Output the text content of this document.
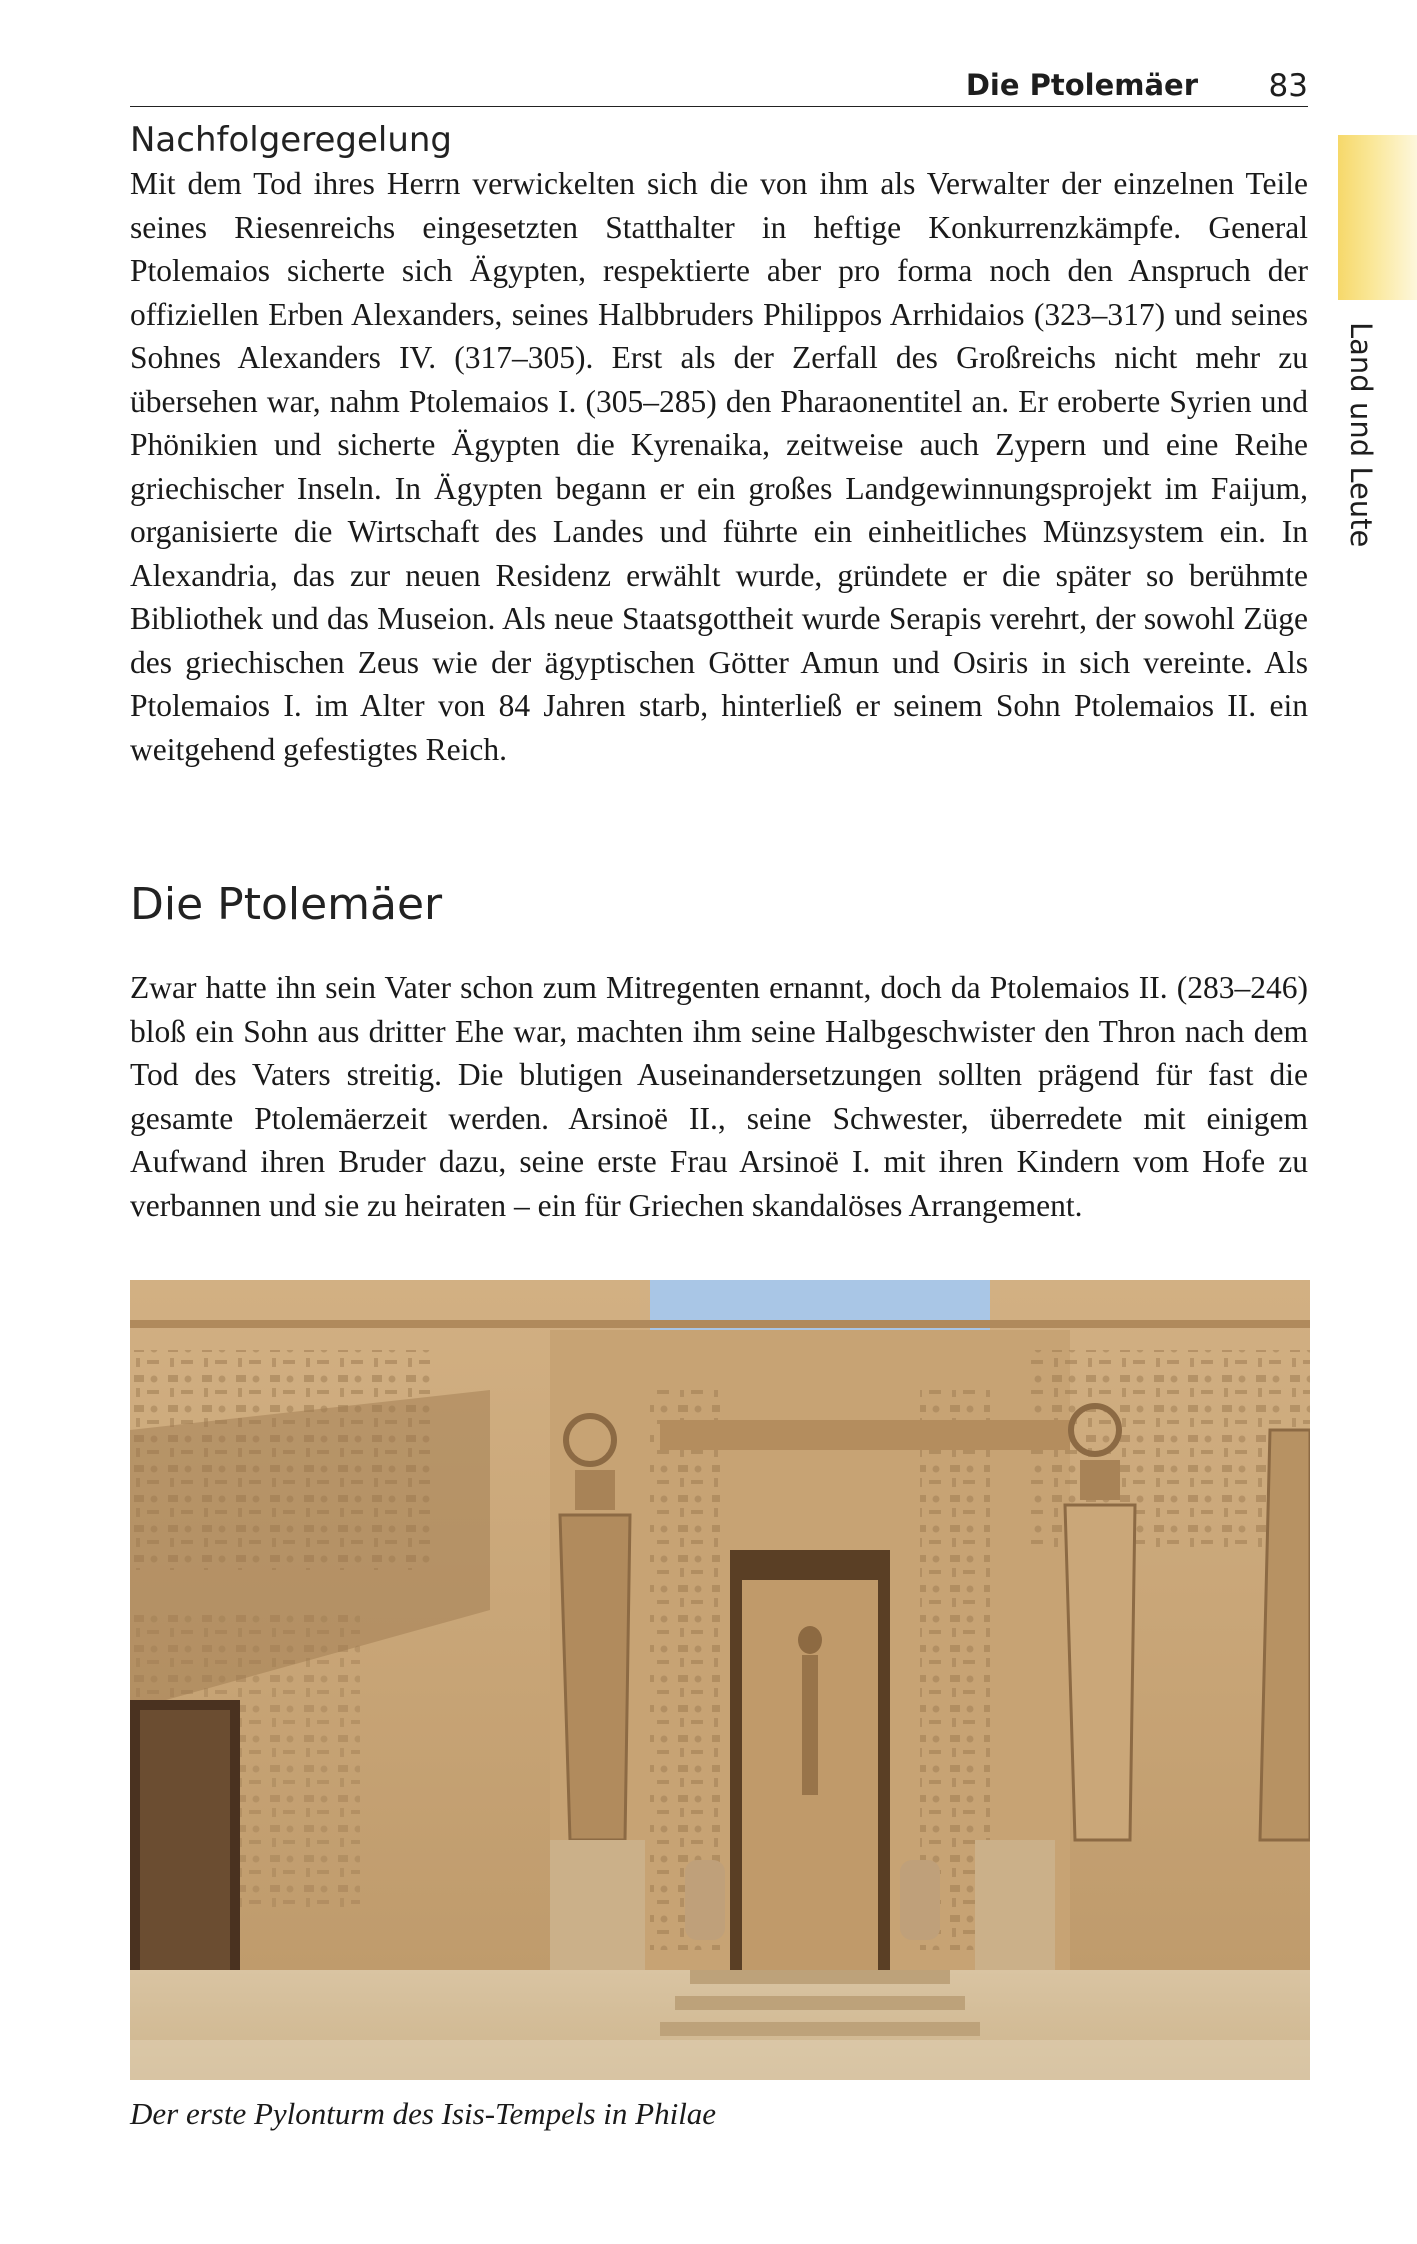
Die Ptolemäer 83
Land und Leute
Nachfolgeregelung

Mit dem Tod ihres Herrn verwickelten sich die von ihm als Verwalter der einzelnen Teile seines Riesenreichs eingesetzten Statthalter in heftige Konkurrenzkämpfe. General Ptolemaios sicherte sich Ägypten, respektierte aber pro forma noch den Anspruch der offiziellen Erben Alexanders, seines Halbbruders Philippos Arrhidaios (323–317) und seines Sohnes Alexanders IV. (317–305). Erst als der Zerfall des Großreichs nicht mehr zu übersehen war, nahm Ptolemaios I. (305–285) den Pharaonentitel an. Er eroberte Syrien und Phönikien und sicherte Ägypten die Kyrenaika, zeitweise auch Zypern und eine Reihe griechischer Inseln. In Ägypten begann er ein großes Landgewinnungsprojekt im Faijum, organisierte die Wirtschaft des Landes und führte ein einheitliches Münzsystem ein. In Alexandria, das zur neuen Residenz erwählt wurde, gründete er die später so berühmte Bibliothek und das Museion. Als neue Staatsgottheit wurde Serapis verehrt, der sowohl Züge des griechischen Zeus wie der ägyptischen Götter Amun und Osiris in sich vereinte. Als Ptolemaios I. im Alter von 84 Jahren starb, hinterließ er seinem Sohn Ptolemaios II. ein weitgehend gefestigtes Reich.

Die Ptolemäer

Zwar hatte ihn sein Vater schon zum Mitregenten ernannt, doch da Ptolemaios II. (283–246) bloß ein Sohn aus dritter Ehe war, machten ihm seine Halbgeschwister den Thron nach dem Tod des Vaters streitig. Die blutigen Auseinandersetzungen sollten prägend für fast die gesamte Ptolemäerzeit werden. Arsinoë II., seine Schwester, überredete mit einigem Aufwand ihren Bruder dazu, seine erste Frau Arsinoë I. mit ihren Kindern vom Hofe zu verbannen und sie zu heiraten – ein für Griechen skandalöses Arrangement.

Der erste Pylonturm des Isis-Tempels in Philae
